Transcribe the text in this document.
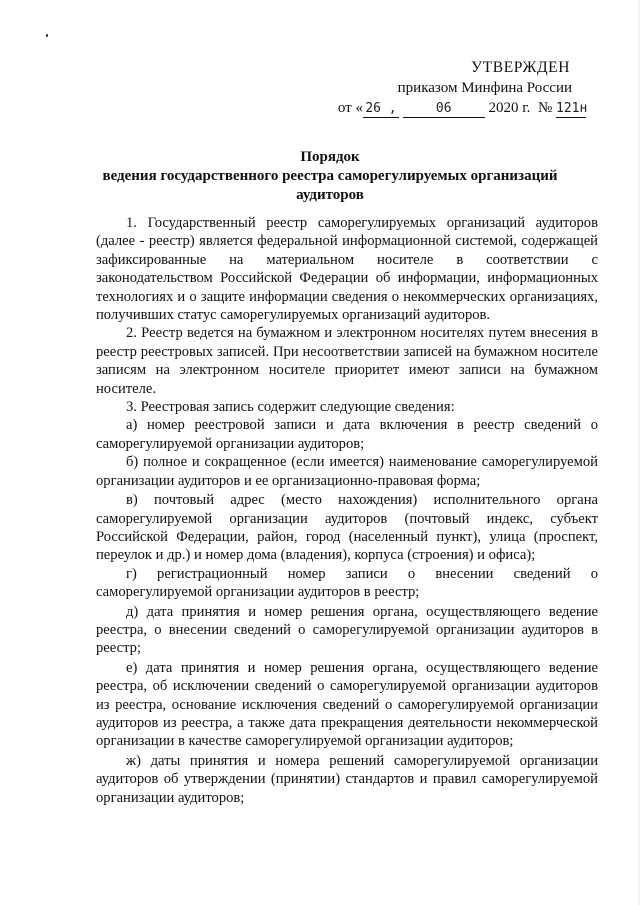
УТВЕРЖДЕН
приказом Минфина России
от « 26 ,	06 2020 г. № 121н
Порядок
ведения государственного реестра саморегулируемых организаций
аудиторов

1. Государственный реестр саморегулируемых организаций аудиторов (далее - реестр) является федеральной информационной системой, содержащей зафиксированные на материальном носителе в соответствии с законодательством Российской Федерации об информации, информационных технологиях и о защите информации сведения о некоммерческих организациях, получивших статус саморегулируемых организаций аудиторов.

2. Реестр ведется на бумажном и электронном носителях путем внесения в реестр реестровых записей. При несоответствии записей на бумажном носителе записям на электронном носителе приоритет имеют записи на бумажном носителе.

3. Реестровая запись содержит следующие сведения:

а) номер реестровой записи и дата включения в реестр сведений о саморегулируемой организации аудиторов;

б) полное и сокращенное (если имеется) наименование саморегулируемой организации аудиторов и ее организационно-правовая форма;

в) почтовый адрес (место нахождения) исполнительного органа саморегулируемой организации аудиторов (почтовый индекс, субъект Российской Федерации, район, город (населенный пункт), улица (проспект, переулок и др.) и номер дома (владения), корпуса (строения) и офиса);

г) регистрационный номер записи о внесении сведений о саморегулируемой организации аудиторов в реестр;

д) дата принятия и номер решения органа, осуществляющего ведение реестра, о внесении сведений о саморегулируемой организации аудиторов в реестр;

е) дата принятия и номер решения органа, осуществляющего ведение реестра, об исключении сведений о саморегулируемой организации аудиторов из реестра, основание исключения сведений о саморегулируемой организации аудиторов из реестра, а также дата прекращения деятельности некоммерческой организации в качестве саморегулируемой организации аудиторов;

ж) даты принятия и номера решений саморегулируемой организации аудиторов об утверждении (принятии) стандартов и правил саморегулируемой организации аудиторов;
